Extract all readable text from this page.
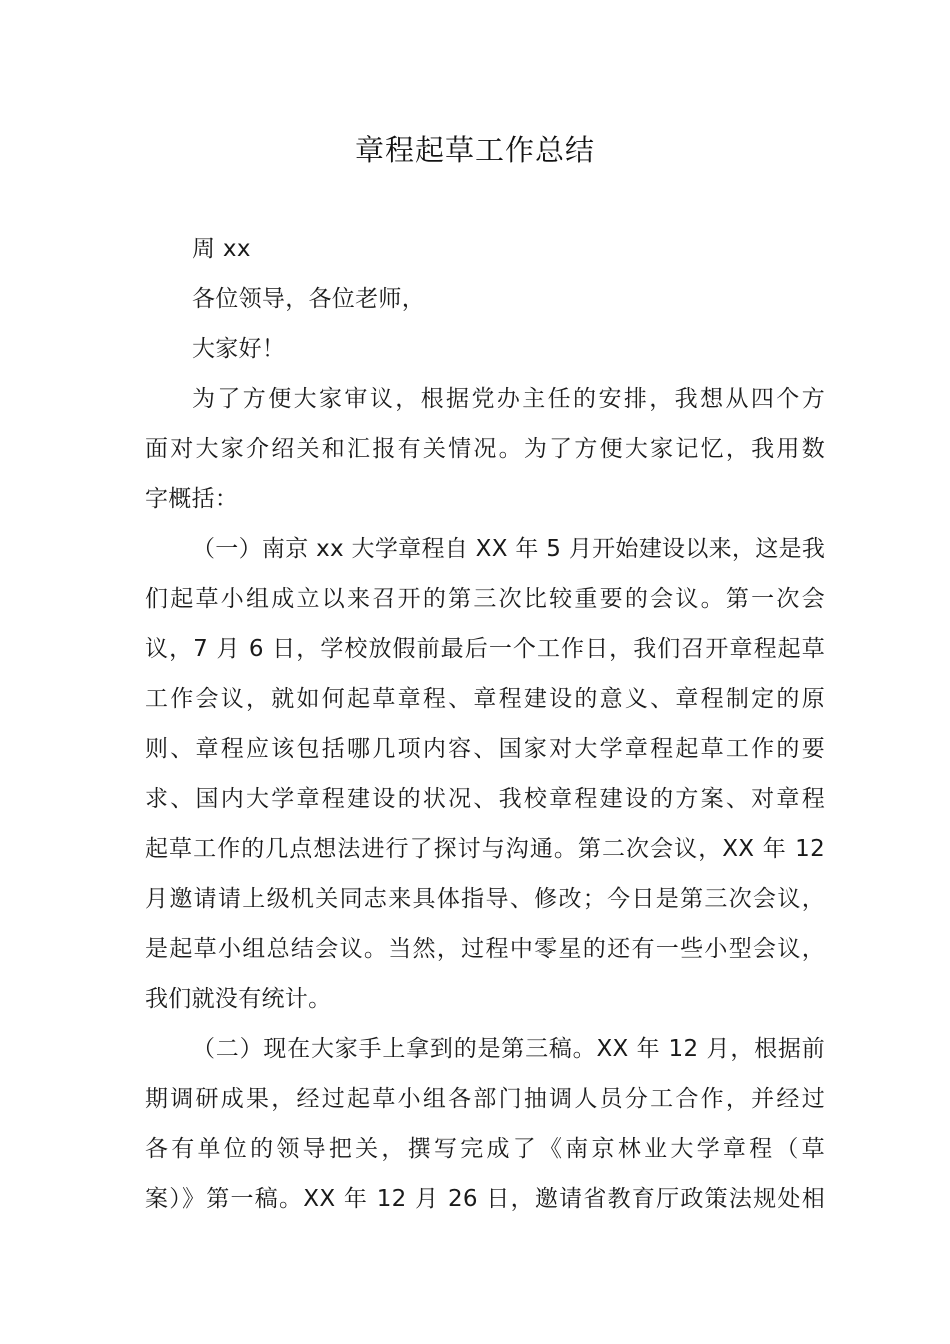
章程起草工作总结
周 xx
各位领导，各位老师，
大家好！
为了方便大家审议，根据党办主任的安排，我想从四个方
面对大家介绍关和汇报有关情况。为了方便大家记忆，我用数
字概括：
（一）南京 xx 大学章程自 XX 年 5 月开始建设以来，这是我
们起草小组成立以来召开的第三次比较重要的会议。第一次会
议，7 月 6 日，学校放假前最后一个工作日，我们召开章程起草
工作会议，就如何起草章程、章程建设的意义、章程制定的原
则、章程应该包括哪几项内容、国家对大学章程起草工作的要
求、国内大学章程建设的状况、我校章程建设的方案、对章程
起草工作的几点想法进行了探讨与沟通。第二次会议，XX 年 12
月邀请请上级机关同志来具体指导、修改；今日是第三次会议，
是起草小组总结会议。当然，过程中零星的还有一些小型会议，
我们就没有统计。
（二）现在大家手上拿到的是第三稿。XX 年 12 月，根据前
期调研成果，经过起草小组各部门抽调人员分工合作，并经过
各有单位的领导把关，撰写完成了《南京林业大学章程（草
案）》第一稿。XX 年 12 月 26 日，邀请省教育厅政策法规处相
